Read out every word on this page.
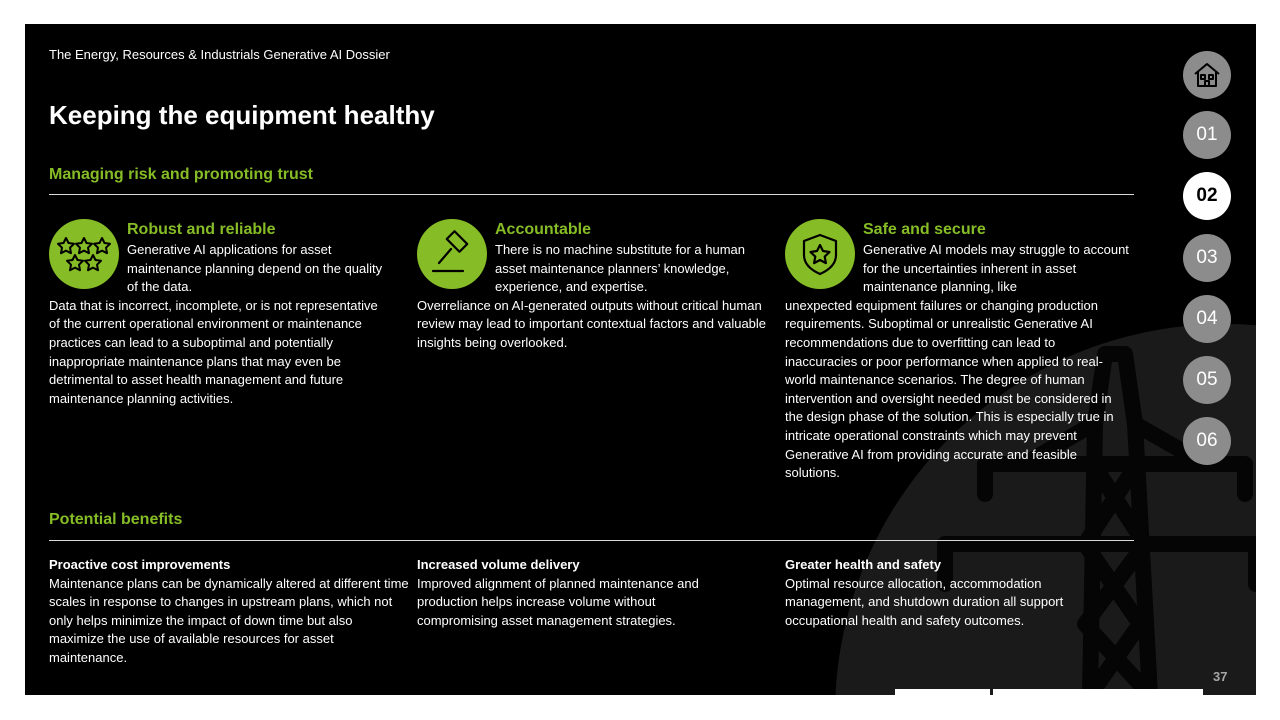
The Energy, Resources & Industrials Generative AI Dossier
Keeping the equipment healthy
Managing risk and promoting trust
Robust and reliable
Generative AI applications for asset maintenance planning depend on the quality of the data.
Data that is incorrect, incomplete, or is not representative of the current operational environment or maintenance practices can lead to a suboptimal and potentially inappropriate maintenance plans that may even be detrimental to asset health management and future maintenance planning activities.
Accountable
There is no machine substitute for a human asset maintenance planners’ knowledge, experience, and expertise.
Overreliance on AI-generated outputs without critical human review may lead to important contextual factors and valuable insights being overlooked.
Safe and secure
Generative AI models may struggle to account for the uncertainties inherent in asset maintenance planning, like
unexpected equipment failures or changing production requirements. Suboptimal or unrealistic Generative AI recommendations due to overfitting can lead to inaccuracies or poor performance when applied to real-world maintenance scenarios. The degree of human intervention and oversight needed must be considered in the design phase of the solution. This is especially true in intricate operational constraints which may prevent Generative AI from providing accurate and feasible solutions.
Potential benefits
Proactive cost improvements
Maintenance plans can be dynamically altered at different time scales in response to changes in upstream plans, which not only helps minimize the impact of down time but also maximize the use of available resources for asset maintenance.
Increased volume delivery
Improved alignment of planned maintenance and production helps increase volume without compromising asset management strategies.
Greater health and safety
Optimal resource allocation, accommodation management, and shutdown duration all support occupational health and safety outcomes.
01
02
03
04
05
06
37
